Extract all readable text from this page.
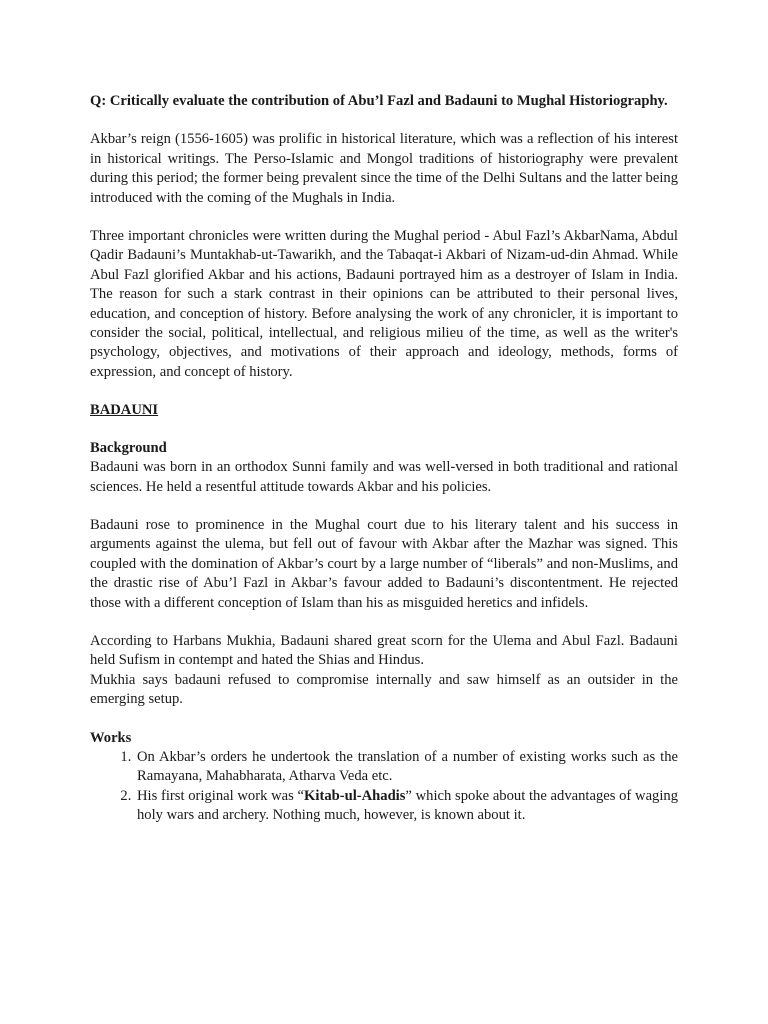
Q: Critically evaluate the contribution of Abu’l Fazl and Badauni to Mughal Historiography.

Akbar’s reign (1556-1605) was prolific in historical literature, which was a reflection of his interest in historical writings. The Perso-Islamic and Mongol traditions of historiography were prevalent during this period; the former being prevalent since the time of the Delhi Sultans and the latter being introduced with the coming of the Mughals in India.

Three important chronicles were written during the Mughal period - Abul Fazl’s AkbarNama, Abdul Qadir Badauni’s Muntakhab-ut-Tawarikh, and the Tabaqat-i Akbari of Nizam-ud-din Ahmad. While Abul Fazl glorified Akbar and his actions, Badauni portrayed him as a destroyer of Islam in India. The reason for such a stark contrast in their opinions can be attributed to their personal lives, education, and conception of history. Before analysing the work of any chronicler, it is important to consider the social, political, intellectual, and religious milieu of the time, as well as the writer's psychology, objectives, and motivations of their approach and ideology, methods, forms of expression, and concept of history.

BADAUNI

Background

Badauni was born in an orthodox Sunni family and was well-versed in both traditional and rational sciences. He held a resentful attitude towards Akbar and his policies.

Badauni rose to prominence in the Mughal court due to his literary talent and his success in arguments against the ulema, but fell out of favour with Akbar after the Mazhar was signed. This coupled with the domination of Akbar’s court by a large number of “liberals” and non-Muslims, and the drastic rise of Abu’l Fazl in Akbar’s favour added to Badauni’s discontentment. He rejected those with a different conception of Islam than his as misguided heretics and infidels.

According to Harbans Mukhia, Badauni shared great scorn for the Ulema and Abul Fazl. Badauni held Sufism in contempt and hated the Shias and Hindus.

Mukhia says badauni refused to compromise internally and saw himself as an outsider in the emerging setup.

Works

1. On Akbar’s orders he undertook the translation of a number of existing works such as the Ramayana, Mahabharata, Atharva Veda etc.
2. His first original work was “Kitab-ul-Ahadis” which spoke about the advantages of waging holy wars and archery. Nothing much, however, is known about it.
